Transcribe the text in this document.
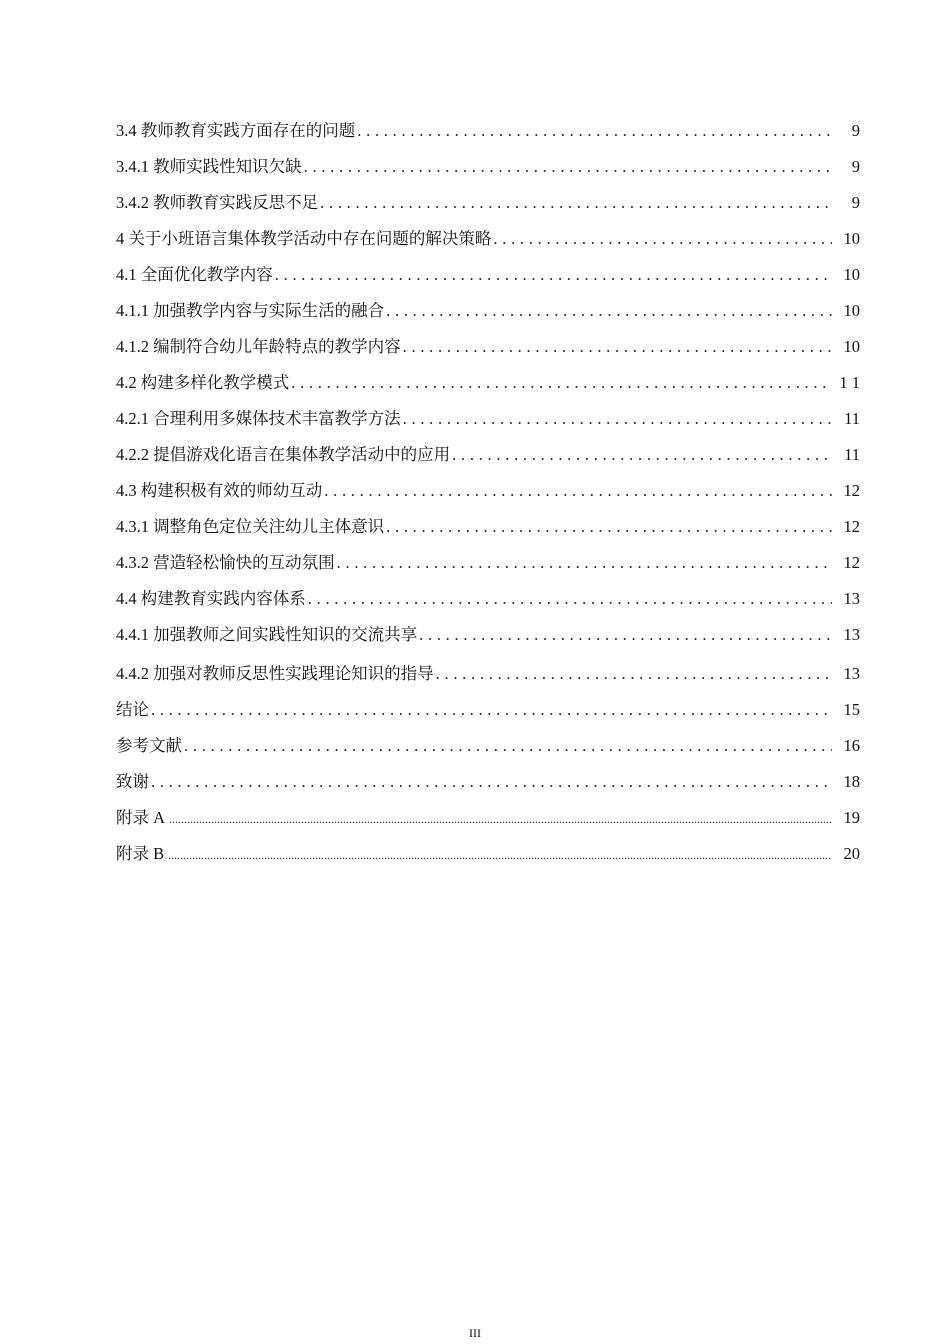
3.4 教师教育实践方面存在的问题 . . .	9
3.4.1 教师实践性知识欠缺 . . .	9
3.4.2 教师教育实践反思不足 . . .	9
4 关于小班语言集体教学活动中存在问题的解决策略 . . .	10
4.1 全面优化教学内容 . . .	10
4.1.1 加强教学内容与实际生活的融合 . . .	10
4.1.2 编制符合幼儿年龄特点的教学内容 . . .	10
4.2 构建多样化教学模式 . . .	1 1
4.2.1 合理利用多媒体技术丰富教学方法 . . .	11
4.2.2 提倡游戏化语言在集体教学活动中的应用 . . .	11
4.3 构建积极有效的师幼互动 . . .	12
4.3.1 调整角色定位关注幼儿主体意识 . . .	12
4.3.2 营造轻松愉快的互动氛围 . . .	12
4.4 构建教育实践内容体系 . . .	13
4.4.1 加强教师之间实践性知识的交流共享 . . .	13
4.4.2 加强对教师反思性实践理论知识的指导 . . .	13
结论 . . .	15
参考文献 . . .	16
致谢 . . .	18
附录 A .....	19
附录 B .....	20
III
